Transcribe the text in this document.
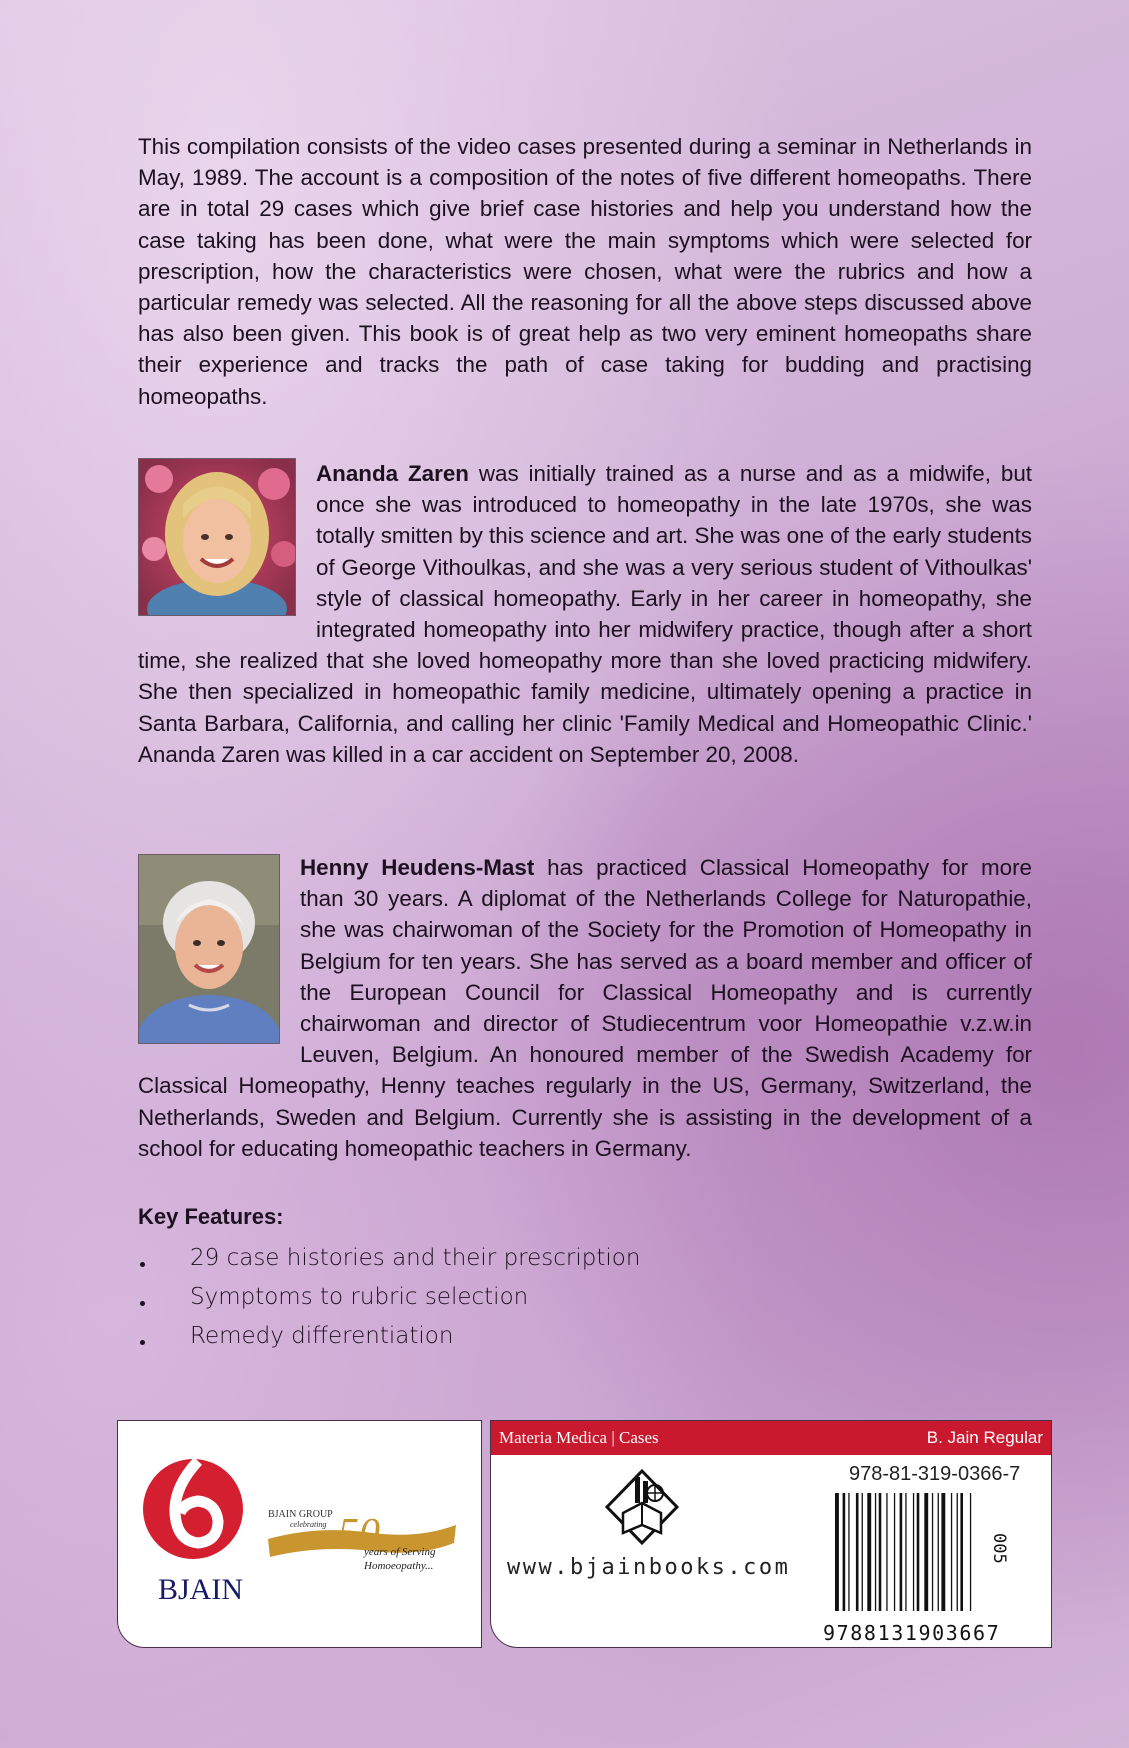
This compilation consists of the video cases presented during a seminar in Netherlands in May, 1989. The account is a composition of the notes of five different homeopaths. There are in total 29 cases which give brief case histories and help you understand how the case taking has been done, what were the main symptoms which were selected for prescription, how the characteristics were chosen, what were the rubrics and how a particular remedy was selected. All the reasoning for all the above steps discussed above has also been given. This book is of great help as two very eminent homeopaths share their experience and tracks the path of case taking for budding and practising homeopaths.

Ananda Zaren was initially trained as a nurse and as a midwife, but once she was introduced to homeopathy in the late 1970s, she was totally smitten by this science and art. She was one of the early students of George Vithoulkas, and she was a very serious student of Vithoulkas' style of classical homeopathy. Early in her career in homeopathy, she integrated homeopathy into her midwifery practice, though after a short time, she realized that she loved homeopathy more than she loved practicing midwifery. She then specialized in homeopathic family medicine, ultimately opening a practice in Santa Barbara, California, and calling her clinic 'Family Medical and Homeopathic Clinic.' Ananda Zaren was killed in a car accident on September 20, 2008.
Henny Heudens-Mast has practiced Classical Homeopathy for more than 30 years. A diplomat of the Netherlands College for Naturopathie, she was chairwoman of the Society for the Promotion of Homeopathy in Belgium for ten years. She has served as a board member and officer of the European Council for Classical Homeopathy and is currently chairwoman and director of Studiecentrum voor Homeopathie v.z.w.in Leuven, Belgium. An honoured member of the Swedish Academy for Classical Homeopathy, Henny teaches regularly in the US, Germany, Switzerland, the Netherlands, Sweden and Belgium. Currently she is assisting in the development of a school for educating homeopathic teachers in Germany.
Key Features:
29 case histories and their prescription
Symptoms to rubric selection
Remedy differentiation
BJAIN
BJAIN GROUP
celebrating 50
years of Serving
Homoeopathy...
Materia Medica | Cases	B. Jain Regular
www.bjainbooks.com
978-81-319-0366-7
9788131903667
005
